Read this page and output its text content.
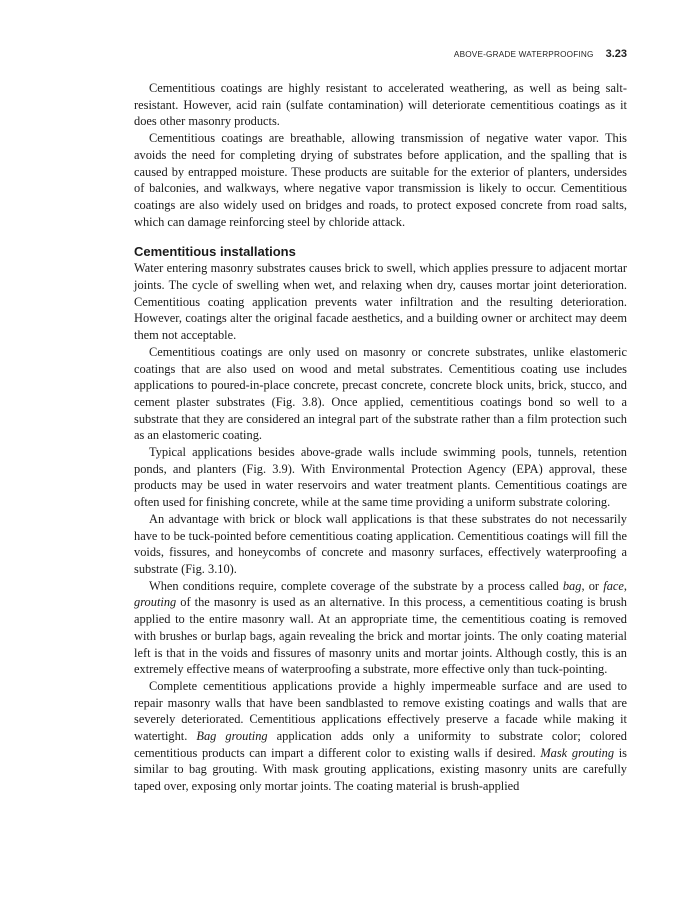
ABOVE-GRADE WATERPROOFING 3.23

Cementitious coatings are highly resistant to accelerated weathering, as well as being salt-resistant. However, acid rain (sulfate contamination) will deteriorate cementitious coatings as it does other masonry products.

Cementitious coatings are breathable, allowing transmission of negative water vapor. This avoids the need for completing drying of substrates before application, and the spalling that is caused by entrapped moisture. These products are suitable for the exterior of planters, undersides of balconies, and walkways, where negative vapor transmission is likely to occur. Cementitious coatings are also widely used on bridges and roads, to protect exposed concrete from road salts, which can damage reinforcing steel by chloride attack.

Cementitious installations

Water entering masonry substrates causes brick to swell, which applies pressure to adjacent mortar joints. The cycle of swelling when wet, and relaxing when dry, causes mortar joint deterioration. Cementitious coating application prevents water infiltration and the resulting deterioration. However, coatings alter the original facade aesthetics, and a building owner or architect may deem them not acceptable.

Cementitious coatings are only used on masonry or concrete substrates, unlike elastomeric coatings that are also used on wood and metal substrates. Cementitious coating use includes applications to poured-in-place concrete, precast concrete, concrete block units, brick, stucco, and cement plaster substrates (Fig. 3.8). Once applied, cementitious coatings bond so well to a substrate that they are considered an integral part of the substrate rather than a film protection such as an elastomeric coating.

Typical applications besides above-grade walls include swimming pools, tunnels, retention ponds, and planters (Fig. 3.9). With Environmental Protection Agency (EPA) approval, these products may be used in water reservoirs and water treatment plants. Cementitious coatings are often used for finishing concrete, while at the same time providing a uniform substrate coloring.

An advantage with brick or block wall applications is that these substrates do not necessarily have to be tuck-pointed before cementitious coating application. Cementitious coatings will fill the voids, fissures, and honeycombs of concrete and masonry surfaces, effectively waterproofing a substrate (Fig. 3.10).

When conditions require, complete coverage of the substrate by a process called bag, or face, grouting of the masonry is used as an alternative. In this process, a cementitious coating is brush applied to the entire masonry wall. At an appropriate time, the cementitious coating is removed with brushes or burlap bags, again revealing the brick and mortar joints. The only coating material left is that in the voids and fissures of masonry units and mortar joints. Although costly, this is an extremely effective means of waterproofing a substrate, more effective only than tuck-pointing.

Complete cementitious applications provide a highly impermeable surface and are used to repair masonry walls that have been sandblasted to remove existing coatings and walls that are severely deteriorated. Cementitious applications effectively preserve a facade while making it watertight. Bag grouting application adds only a uniformity to substrate color; colored cementitious products can impart a different color to existing walls if desired. Mask grouting is similar to bag grouting. With mask grouting applications, existing masonry units are carefully taped over, exposing only mortar joints. The coating material is brush-applied
